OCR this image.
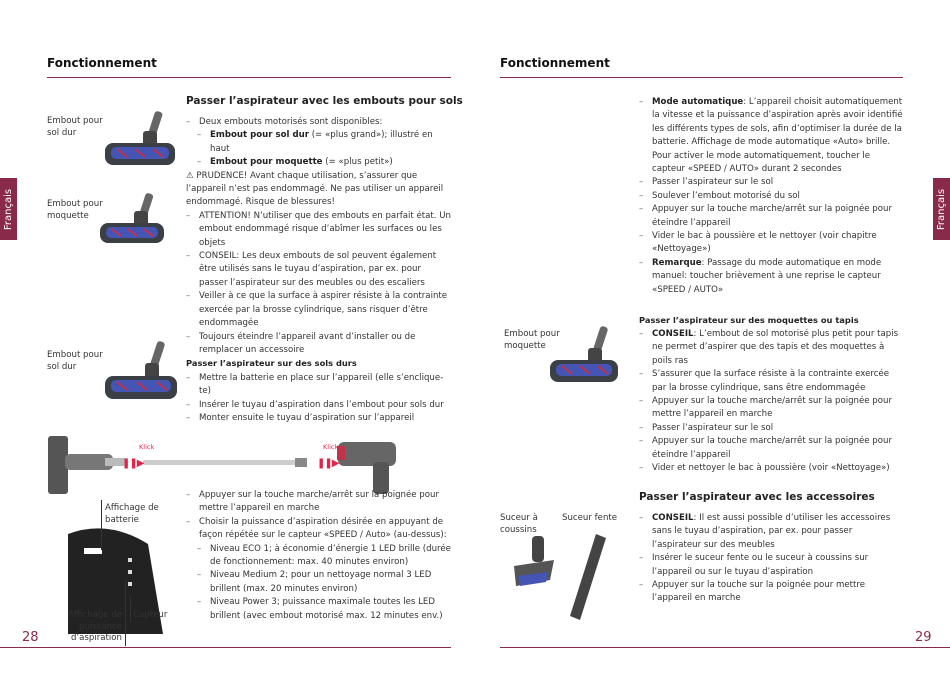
Fonctionnement
Français
Embout pour
sol dur
Embout pour
moquette
Embout pour
sol dur
Klick	Klick
❚❚▶	❚❚▶
Affichage de
batterie
Affichage de
puissance
d’aspiration
Capteur
Passer l’aspirateur avec les embouts pour sols
– Deux embouts motorisés sont disponibles:
– Embout pour sol dur (= «plus grand»); illustré en haut
– Embout pour moquette (= «plus petit»)
⚠ PRUDENCE! Avant chaque utilisation, s’assurer que l’appareil n’est pas endommagé. Ne pas utiliser un appareil endommagé. Risque de blessures!
– ATTENTION! N’utiliser que des embouts en parfait état. Un embout endommagé risque d’abîmer les surfaces ou les objets
– CONSEIL: Les deux embouts de sol peuvent également être utilisés sans le tuyau d’aspiration, par ex. pour passer l’aspirateur sur des meubles ou des escaliers
– Veiller à ce que la surface à aspirer résiste à la contrainte exercée par la brosse cylindrique, sans risquer d’être endommagée
– Toujours éteindre l’appareil avant d’installer ou de remplacer un accessoire
Passer l’aspirateur sur des sols durs
– Mettre la batterie en place sur l’appareil (elle s’encliquete)
– Insérer le tuyau d’aspiration dans l’embout pour sols dur
– Monter ensuite le tuyau d’aspiration sur l’appareil
– Appuyer sur la touche marche/arrêt sur la poignée pour mettre l’appareil en marche
– Choisir la puissance d’aspiration désirée en appuyant de façon répétée sur le capteur «SPEED / Auto» (au-dessus):
– Niveau ECO 1; à économie d’énergie 1 LED brille (durée de fonctionnement: max. 40 minutes environ)
– Niveau Medium 2; pour un nettoyage normal 3 LED brillent (max. 20 minutes environ)
– Niveau Power 3; puissance maximale toutes les LED brillent (avec embout motorisé max. 12 minutes env.)
28
Fonctionnement
Français
– Mode automatique: L’appareil choisit automatiquement la vitesse et la puissance d’aspiration après avoir identifié les différents types de sols, afin d’optimiser la durée de la batterie. Affichage de mode automatique «Auto» brille. Pour activer le mode automatiquement, toucher le capteur «SPEED / AUTO» durant 2 secondes
– Passer l’aspirateur sur le sol
– Soulever l’embout motorisé du sol
– Appuyer sur la touche marche/arrêt sur la poignée pour éteindre l’appareil
– Vider le bac à poussière et le nettoyer (voir chapitre «Nettoyage»)
– Remarque: Passage du mode automatique en mode manuel: toucher brièvement à une reprise le capteur «SPEED / AUTO»
Passer l’aspirateur sur des moquettes ou tapis
Embout pour
moquette
– CONSEIL: L’embout de sol motorisé plus petit pour tapis ne permet d’aspirer que des tapis et des moquettes à poils ras
– S’assurer que la surface résiste à la contrainte exercée par la brosse cylindrique, sans être endommagée
– Appuyer sur la touche marche/arrêt sur la poignée pour mettre l’appareil en marche
– Passer l’aspirateur sur le sol
– Appuyer sur la touche marche/arrêt sur la poignée pour éteindre l’appareil
– Vider et nettoyer le bac à poussière (voir «Nettoyage»)
Passer l’aspirateur avec les accessoires
Suceur à
coussins
Suceur fente
–	CONSEIL: Il est aussi possible d’utiliser les accessoires sans le tuyau d’aspiration, par ex. pour passer l’aspirateur sur des meubles
– Insérer le suceur fente ou le suceur à coussins sur l’appareil ou sur le tuyau d’aspiration
– Appuyer sur la touche sur la poignée pour mettre l’appareil en marche
29
